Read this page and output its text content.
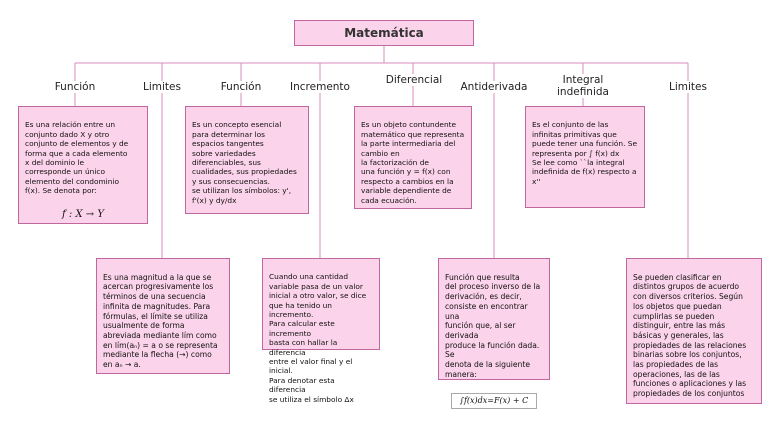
Matemática
Función	Limites	Función	Incremento
Diferencial
Antiderivada
Integral
indefinida	Limites

Es una relación entre un
conjunto dado X y otro
conjunto de elementos y de
forma que a cada elemento
x del dominio le
corresponde un único
elemento del condominio
f(x). Se denota por:

f : X → Y

Es un concepto esencial
para determinar los
espacios tangentes
sobre variedades
diferenciables, sus
cualidades, sus propiedades
y sus consecuencias.
se utilizan los símbolos: y',
f'(x) y dy/dx

Es un objeto contundente
matemático que representa
la parte intermediaria del
cambio en
la factorización de
una función y = f(x) con
respecto a cambios en la
variable dependiente de
cada ecuación.

Es el conjunto de las
infinitas primitivas que
puede tener una función. Se
representa por ∫ f(x) dx
Se lee como ``la integral
indefinida de f(x) respecto a
x''

Es una magnitud a la que se
acercan progresivamente los
términos de una secuencia
infinita de magnitudes. Para
fórmulas, el límite se utiliza
usualmente de forma
abreviada mediante lím como
en lím(aₙ) = a o se representa
mediante la flecha (→) como
en aₙ → a.

Cuando una cantidad
variable pasa de un valor
inicial a otro valor, se dice
que ha tenido un incremento.
Para calcular este incremento
basta con hallar la diferencia
entre el valor final y el inicial.
Para denotar esta diferencia
se utiliza el símbolo Δx

Función que resulta
del proceso inverso de la
derivación, es decir,
consiste en encontrar una
función que, al ser derivada
produce la función dada. Se
denota de la siguiente
manera:

∫f(x)dx=F(x) + C

Se pueden clasificar en
distintos grupos de acuerdo
con diversos criterios. Según
los objetos que puedan
cumplirlas se pueden
distinguir, entre las más
básicas y generales, las
propiedades de las relaciones
binarias sobre los conjuntos,
las propiedades de las
operaciones, las de las
funciones o aplicaciones y las
propiedades de los conjuntos
